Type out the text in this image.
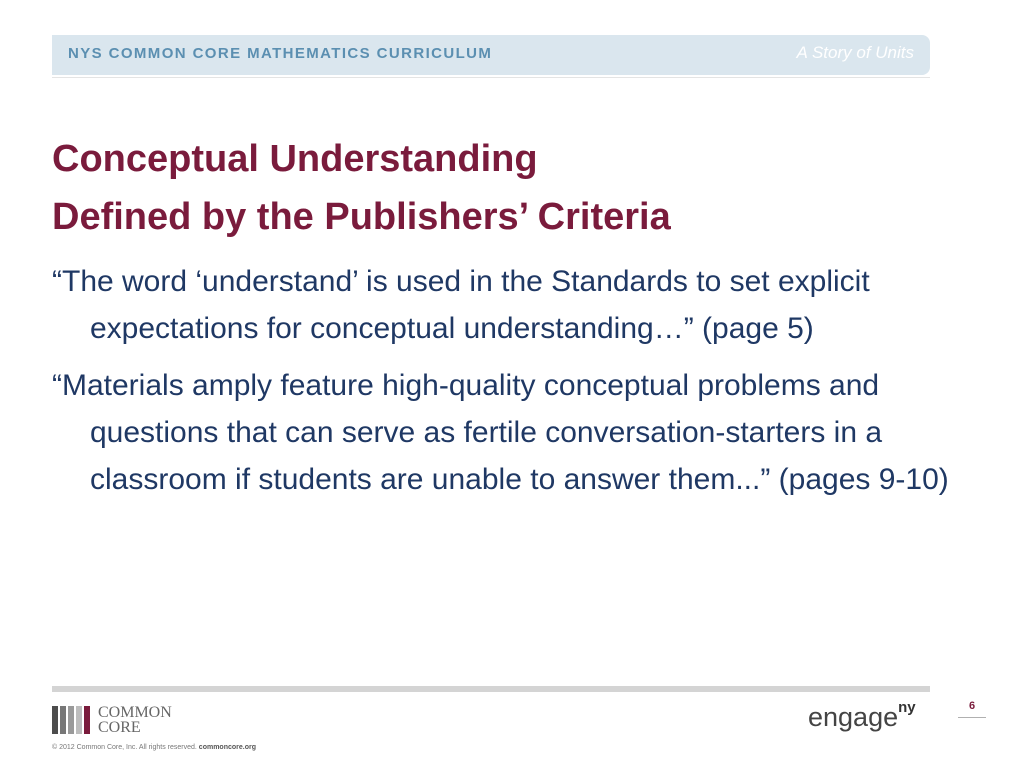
NYS COMMON CORE MATHEMATICS CURRICULUM	A Story of Units
Conceptual Understanding
Defined by the Publishers’ Criteria

“The word ‘understand’ is used in the Standards to set explicit expectations for conceptual understanding…” (page 5)

“Materials amply feature high-quality conceptual problems and questions that can serve as fertile conversation-starters in a classroom if students are unable to answer them...” (pages 9-10)

COMMON
CORE
© 2012 Common Core, Inc. All rights reserved. commoncore.org
engage$^{ny}$	6
